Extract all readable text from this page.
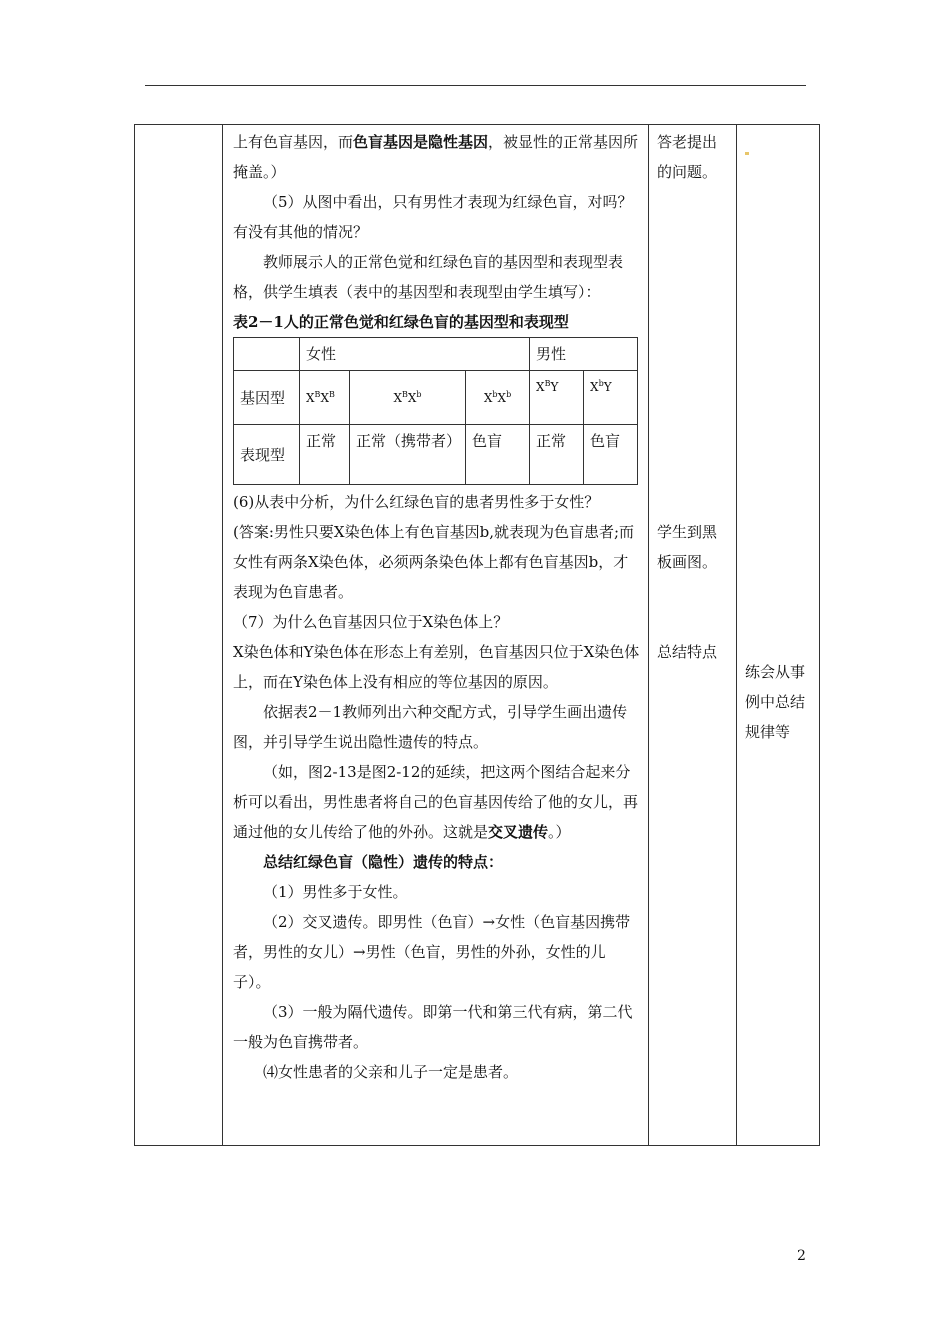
上有色盲基因，而色盲基因是隐性基因，被显性的正常基因所掩盖。）

（5）从图中看出，只有男性才表现为红绿色盲，对吗？有没有其他的情况？

教师展示人的正常色觉和红绿色盲的基因型和表现型表格，供学生填表（表中的基因型和表现型由学生填写）：

表2－1人的正常色觉和红绿色盲的基因型和表现型

	女性	男性
基因型	$X^BX^B$	$X^BX^b$	$X^bX^b$	$X^BY$	$X^bY$
表现型	正常	正常（携带者）	色盲	正常	色盲

(6)从表中分析，为什么红绿色盲的患者男性多于女性？

(答案:男性只要X染色体上有色盲基因b,就表现为色盲患者;而女性有两条X染色体，必须两条染色体上都有色盲基因b，才表现为色盲患者。

（7）为什么色盲基因只位于X染色体上？

X染色体和Y染色体在形态上有差别，色盲基因只位于X染色体上，而在Y染色体上没有相应的等位基因的原因。

依据表2－1教师列出六种交配方式，引导学生画出遗传图，并引导学生说出隐性遗传的特点。

（如，图2-13是图2-12的延续，把这两个图结合起来分析可以看出，男性患者将自己的色盲基因传给了他的女儿，再通过他的女儿传给了他的外孙。这就是交叉遗传。）

总结红绿色盲（隐性）遗传的特点：

（1）男性多于女性。

（2）交叉遗传。即男性（色盲）→女性（色盲基因携带者，男性的女儿）→男性（色盲，男性的外孙，女性的儿子）。

（3）一般为隔代遗传。即第一代和第三代有病，第二代一般为色盲携带者。

⑷女性患者的父亲和儿子一定是患者。

答老提出的问题。

学生到黑板画图。

总结特点

练会从事例中总结规律等

2
